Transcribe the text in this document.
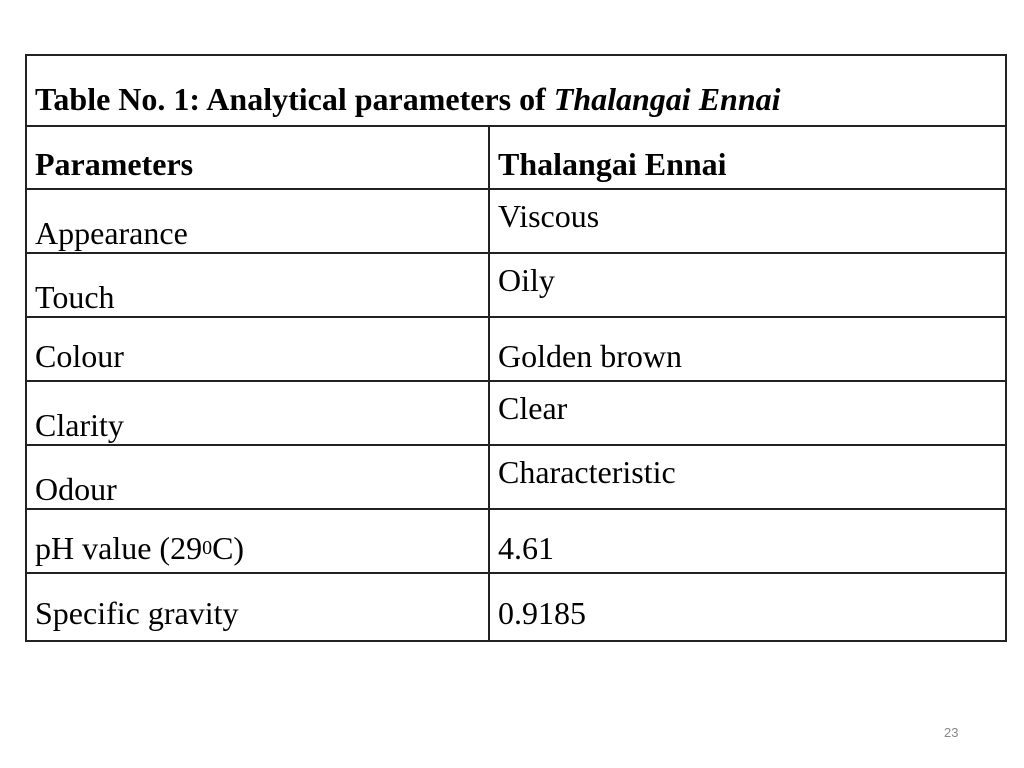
Table No. 1: Analytical parameters of Thalangai Ennai
Parameters	Thalangai Ennai
Appearance	Viscous
Touch	Oily
Colour	Golden brown
Clarity	Clear
Odour	Characteristic
pH value (29 0 C)	4.61
Specific gravity	0.9185
23
